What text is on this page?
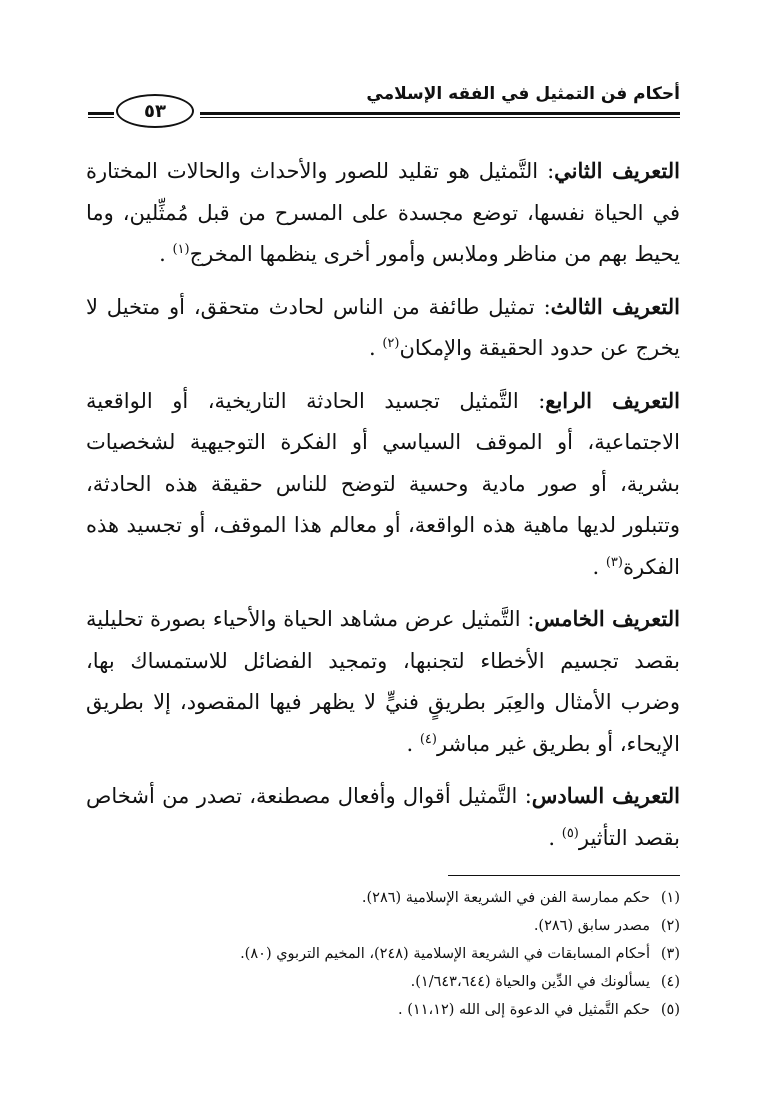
أحكام فن التمثيل في الفقه الإسلامي
٥٣

التعريف الثاني: التَّمثيل هو تقليد للصور والأحداث والحالات المختارة في الحياة نفسها، توضع مجسدة على المسرح من قبل مُمثِّلين، وما يحيط بهم من مناظر وملابس وأمور أخرى ينظمها المخرج$^{(١)}$ .

التعريف الثالث: تمثيل طائفة من الناس لحادث متحقق، أو متخيل لا يخرج عن حدود الحقيقة والإمكان$^{(٢)}$ .

التعريف الرابع: التَّمثيل تجسيد الحادثة التاريخية، أو الواقعية الاجتماعية، أو الموقف السياسي أو الفكرة التوجيهية لشخصيات بشرية، أو صور مادية وحسية لتوضح للناس حقيقة هذه الحادثة، وتتبلور لديها ماهية هذه الواقعة، أو معالم هذا الموقف، أو تجسيد هذه الفكرة$^{(٣)}$ .

التعريف الخامس: التَّمثيل عرض مشاهد الحياة والأحياء بصورة تحليلية بقصد تجسيم الأخطاء لتجنبها، وتمجيد الفضائل للاستمساك بها، وضرب الأمثال والعِبَر بطريقٍ فنيٍّ لا يظهر فيها المقصود، إلا بطريق الإيحاء، أو بطريق غير مباشر$^{(٤)}$ .

التعريف السادس: التَّمثيل أقوال وأفعال مصطنعة، تصدر من أشخاص بقصد التأثير$^{(٥)}$ .

(١)حكم ممارسة الفن في الشريعة الإسلامية (٢٨٦).
(٢)مصدر سابق (٢٨٦).
(٣)أحكام المسابقات في الشريعة الإسلامية (٢٤٨)، المخيم التربوي (٨٠).
(٤)يسألونك في الدِّين والحياة (١/٦٤٣،٦٤٤).
(٥)حكم التَّمثيل في الدعوة إلى الله (١١،١٢) .
